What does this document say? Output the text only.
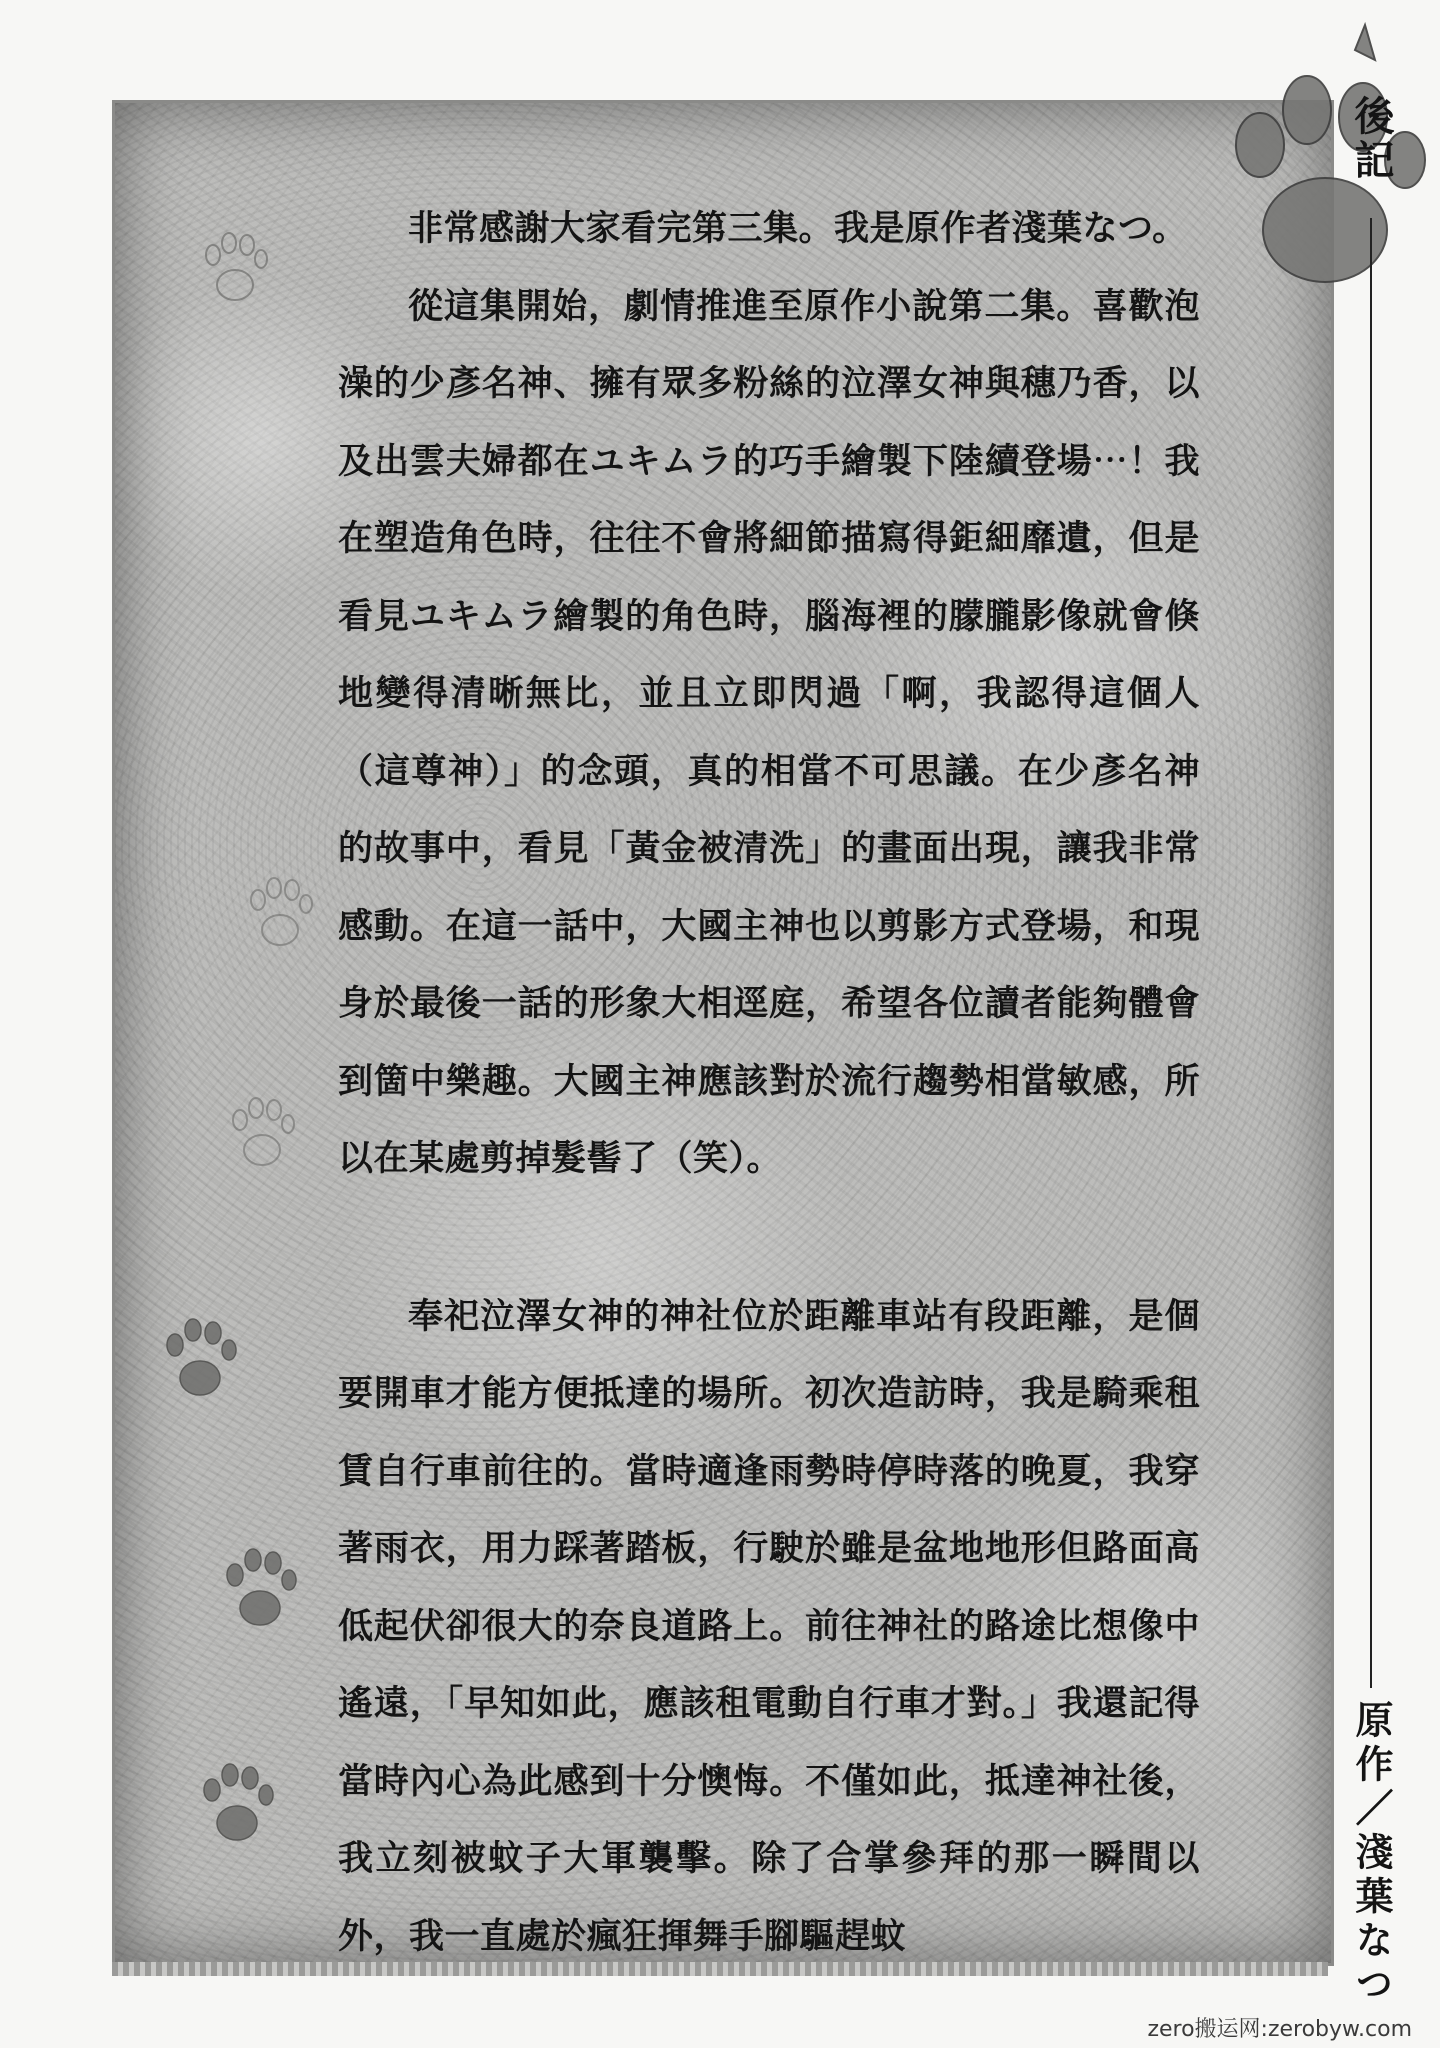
非常感謝大家看完第三集。我是原作者淺葉なつ。

從這集開始，劇情推進至原作小說第二集。喜歡泡澡的少彥名神、擁有眾多粉絲的泣澤女神與穗乃香，以及出雲夫婦都在ユキムラ的巧手繪製下陸續登場⋯！我在塑造角色時，往往不會將細節描寫得鉅細靡遺，但是看見ユキムラ繪製的角色時，腦海裡的朦朧影像就會倏地變得清晰無比，並且立即閃過「啊，我認得這個人（這尊神）」的念頭，真的相當不可思議。在少彥名神的故事中，看見「黃金被清洗」的畫面出現，讓我非常感動。在這一話中，大國主神也以剪影方式登場，和現身於最後一話的形象大相逕庭，希望各位讀者能夠體會到箇中樂趣。大國主神應該對於流行趨勢相當敏感，所以在某處剪掉髮髻了（笑）。

奉祀泣澤女神的神社位於距離車站有段距離，是個要開車才能方便抵達的場所。初次造訪時，我是騎乘租賃自行車前往的。當時適逢雨勢時停時落的晚夏，我穿著雨衣，用力踩著踏板，行駛於雖是盆地地形但路面高低起伏卻很大的奈良道路上。前往神社的路途比想像中遙遠，「早知如此，應該租電動自行車才對。」我還記得當時內心為此感到十分懊悔。不僅如此，抵達神社後，我立刻被蚊子大軍襲擊。除了合掌參拜的那一瞬間以外，我一直處於瘋狂揮舞手腳驅趕蚊

後記
原作／淺葉なつ
zero搬运网:zerobyw.com
